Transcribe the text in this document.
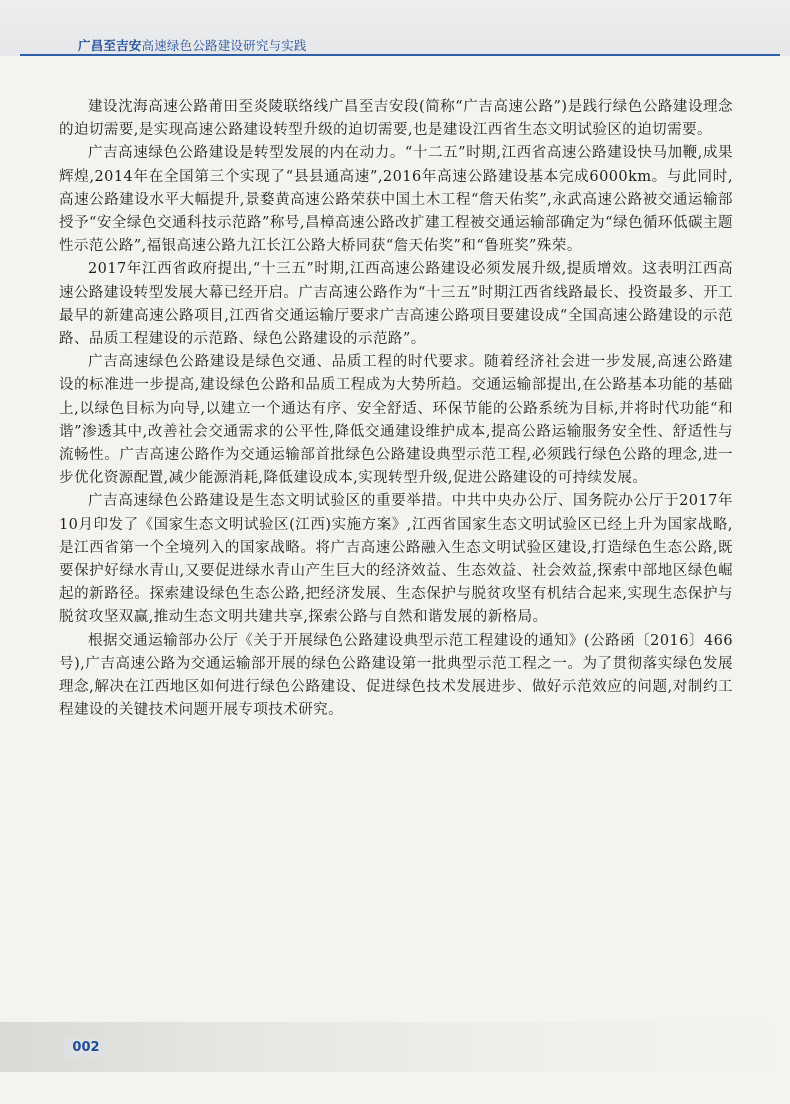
广昌至吉安高速绿色公路建设研究与实践

建设沈海高速公路莆田至炎陵联络线广昌至吉安段(简称“广吉高速公路”)是践行绿色公路建设理念的迫切需要,是实现高速公路建设转型升级的迫切需要,也是建设江西省生态文明试验区的迫切需要。

广吉高速绿色公路建设是转型发展的内在动力。“十二五”时期,江西省高速公路建设快马加鞭,成果辉煌,2014年在全国第三个实现了“县县通高速”,2016年高速公路建设基本完成6000km。与此同时,高速公路建设水平大幅提升,景婺黄高速公路荣获中国土木工程“詹天佑奖”,永武高速公路被交通运输部授予“安全绿色交通科技示范路”称号,昌樟高速公路改扩建工程被交通运输部确定为“绿色循环低碳主题性示范公路”,福银高速公路九江长江公路大桥同获“詹天佑奖”和“鲁班奖”殊荣。

2017年江西省政府提出,“十三五”时期,江西高速公路建设必须发展升级,提质增效。这表明江西高速公路建设转型发展大幕已经开启。广吉高速公路作为“十三五”时期江西省线路最长、投资最多、开工最早的新建高速公路项目,江西省交通运输厅要求广吉高速公路项目要建设成“全国高速公路建设的示范路、品质工程建设的示范路、绿色公路建设的示范路”。

广吉高速绿色公路建设是绿色交通、品质工程的时代要求。随着经济社会进一步发展,高速公路建设的标准进一步提高,建设绿色公路和品质工程成为大势所趋。交通运输部提出,在公路基本功能的基础上,以绿色目标为向导,以建立一个通达有序、安全舒适、环保节能的公路系统为目标,并将时代功能“和谐”渗透其中,改善社会交通需求的公平性,降低交通建设维护成本,提高公路运输服务安全性、舒适性与流畅性。广吉高速公路作为交通运输部首批绿色公路建设典型示范工程,必须践行绿色公路的理念,进一步优化资源配置,减少能源消耗,降低建设成本,实现转型升级,促进公路建设的可持续发展。

广吉高速绿色公路建设是生态文明试验区的重要举措。中共中央办公厅、国务院办公厅于2017年10月印发了《国家生态文明试验区(江西)实施方案》,江西省国家生态文明试验区已经上升为国家战略,是江西省第一个全境列入的国家战略。将广吉高速公路融入生态文明试验区建设,打造绿色生态公路,既要保护好绿水青山,又要促进绿水青山产生巨大的经济效益、生态效益、社会效益,探索中部地区绿色崛起的新路径。探索建设绿色生态公路,把经济发展、生态保护与脱贫攻坚有机结合起来,实现生态保护与脱贫攻坚双赢,推动生态文明共建共享,探索公路与自然和谐发展的新格局。

根据交通运输部办公厅《关于开展绿色公路建设典型示范工程建设的通知》(公路函〔2016〕466号),广吉高速公路为交通运输部开展的绿色公路建设第一批典型示范工程之一。为了贯彻落实绿色发展理念,解决在江西地区如何进行绿色公路建设、促进绿色技术发展进步、做好示范效应的问题,对制约工程建设的关键技术问题开展专项技术研究。

002
